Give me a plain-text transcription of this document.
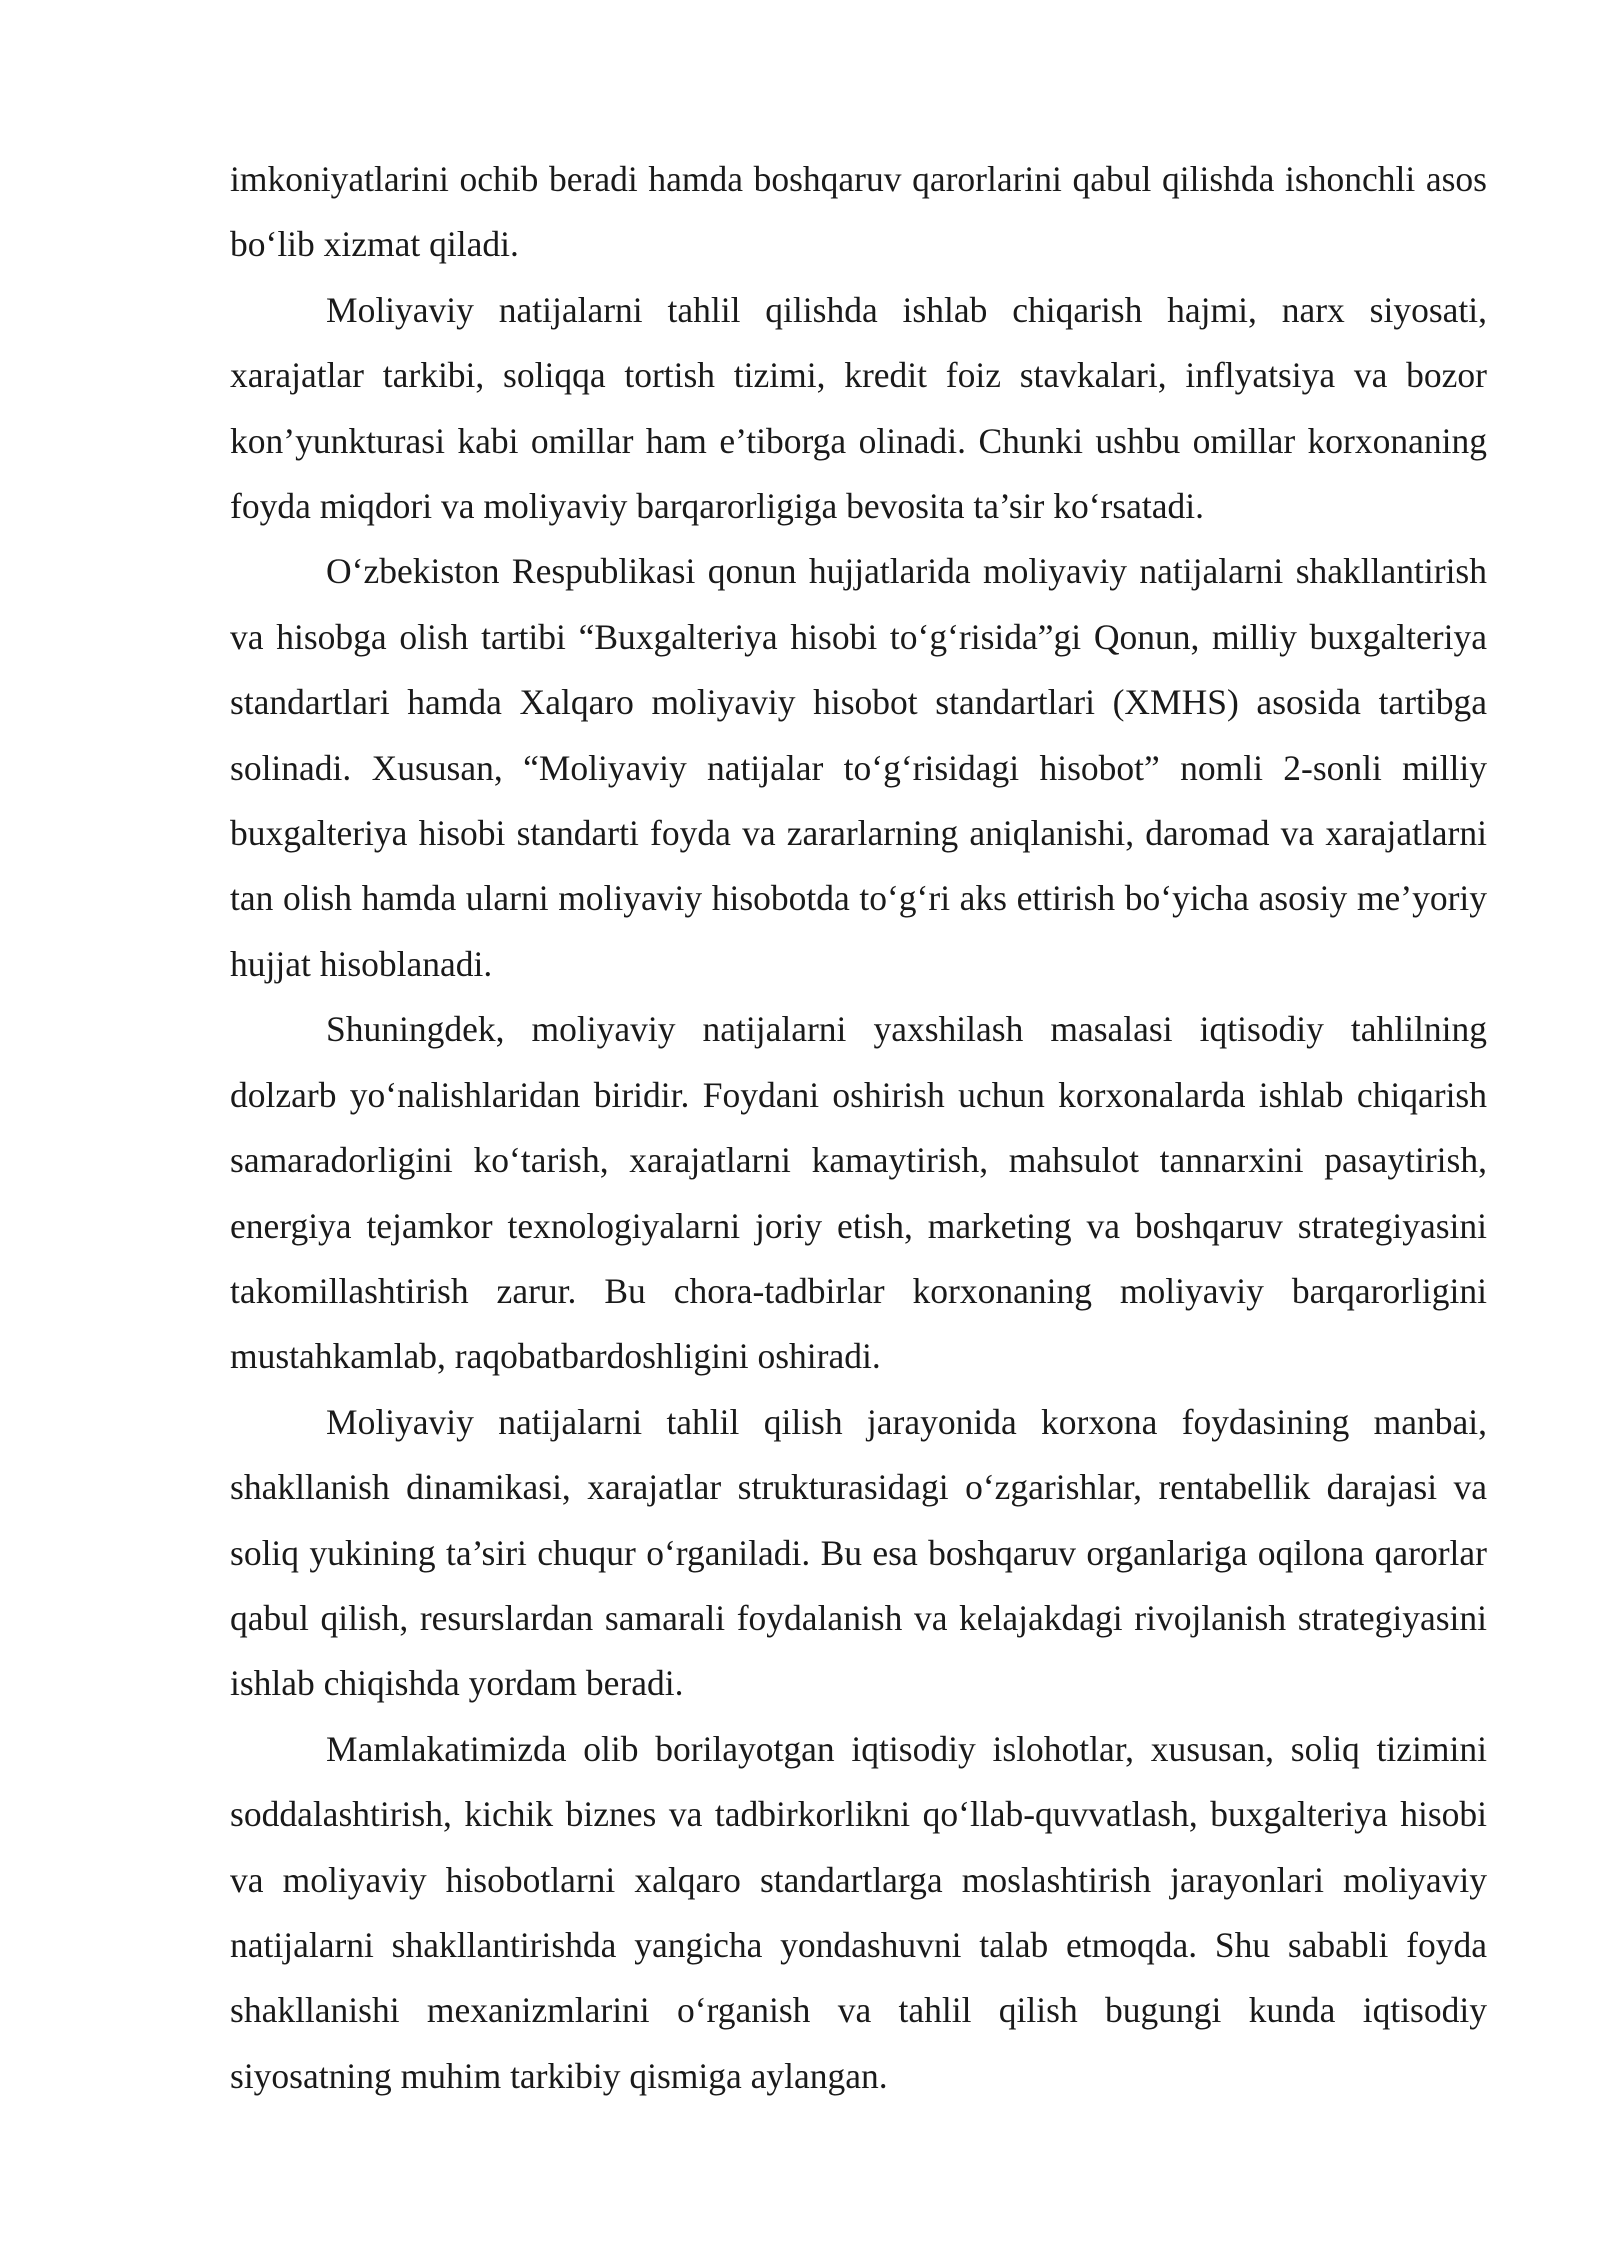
imkoniyatlarini ochib beradi hamda boshqaruv qarorlarini qabul qilishda ishonchli asos bo‘lib xizmat qiladi.

Moliyaviy natijalarni tahlil qilishda ishlab chiqarish hajmi, narx siyosati, xarajatlar tarkibi, soliqqa tortish tizimi, kredit foiz stavkalari, inflyatsiya va bozor kon’yunkturasi kabi omillar ham e’tiborga olinadi. Chunki ushbu omillar korxonaning foyda miqdori va moliyaviy barqarorligiga bevosita ta’sir ko‘rsatadi.

O‘zbekiston Respublikasi qonun hujjatlarida moliyaviy natijalarni shakllantirish va hisobga olish tartibi “Buxgalteriya hisobi to‘g‘risida”gi Qonun, milliy buxgalteriya standartlari hamda Xalqaro moliyaviy hisobot standartlari (XMHS) asosida tartibga solinadi. Xususan, “Moliyaviy natijalar to‘g‘risidagi hisobot” nomli 2-sonli milliy buxgalteriya hisobi standarti foyda va zararlarning aniqlanishi, daromad va xarajatlarni tan olish hamda ularni moliyaviy hisobotda to‘g‘ri aks ettirish bo‘yicha asosiy me’yoriy hujjat hisoblanadi.

Shuningdek, moliyaviy natijalarni yaxshilash masalasi iqtisodiy tahlilning dolzarb yo‘nalishlaridan biridir. Foydani oshirish uchun korxonalarda ishlab chiqarish samaradorligini ko‘tarish, xarajatlarni kamaytirish, mahsulot tannarxini pasaytirish, energiya tejamkor texnologiyalarni joriy etish, marketing va boshqaruv strategiyasini takomillashtirish zarur. Bu chora-tadbirlar korxonaning moliyaviy barqarorligini mustahkamlab, raqobatbardoshligini oshiradi.

Moliyaviy natijalarni tahlil qilish jarayonida korxona foydasining manbai, shakllanish dinamikasi, xarajatlar strukturasidagi o‘zgarishlar, rentabellik darajasi va soliq yukining ta’siri chuqur o‘rganiladi. Bu esa boshqaruv organlariga oqilona qarorlar qabul qilish, resurslardan samarali foydalanish va kelajakdagi rivojlanish strategiyasini ishlab chiqishda yordam beradi.

Mamlakatimizda olib borilayotgan iqtisodiy islohotlar, xususan, soliq tizimini soddalashtirish, kichik biznes va tadbirkorlikni qo‘llab-quvvatlash, buxgalteriya hisobi va moliyaviy hisobotlarni xalqaro standartlarga moslashtirish jarayonlari moliyaviy natijalarni shakllantirishda yangicha yondashuvni talab etmoqda. Shu sababli foyda shakllanishi mexanizmlarini o‘rganish va tahlil qilish bugungi kunda iqtisodiy siyosatning muhim tarkibiy qismiga aylangan.
